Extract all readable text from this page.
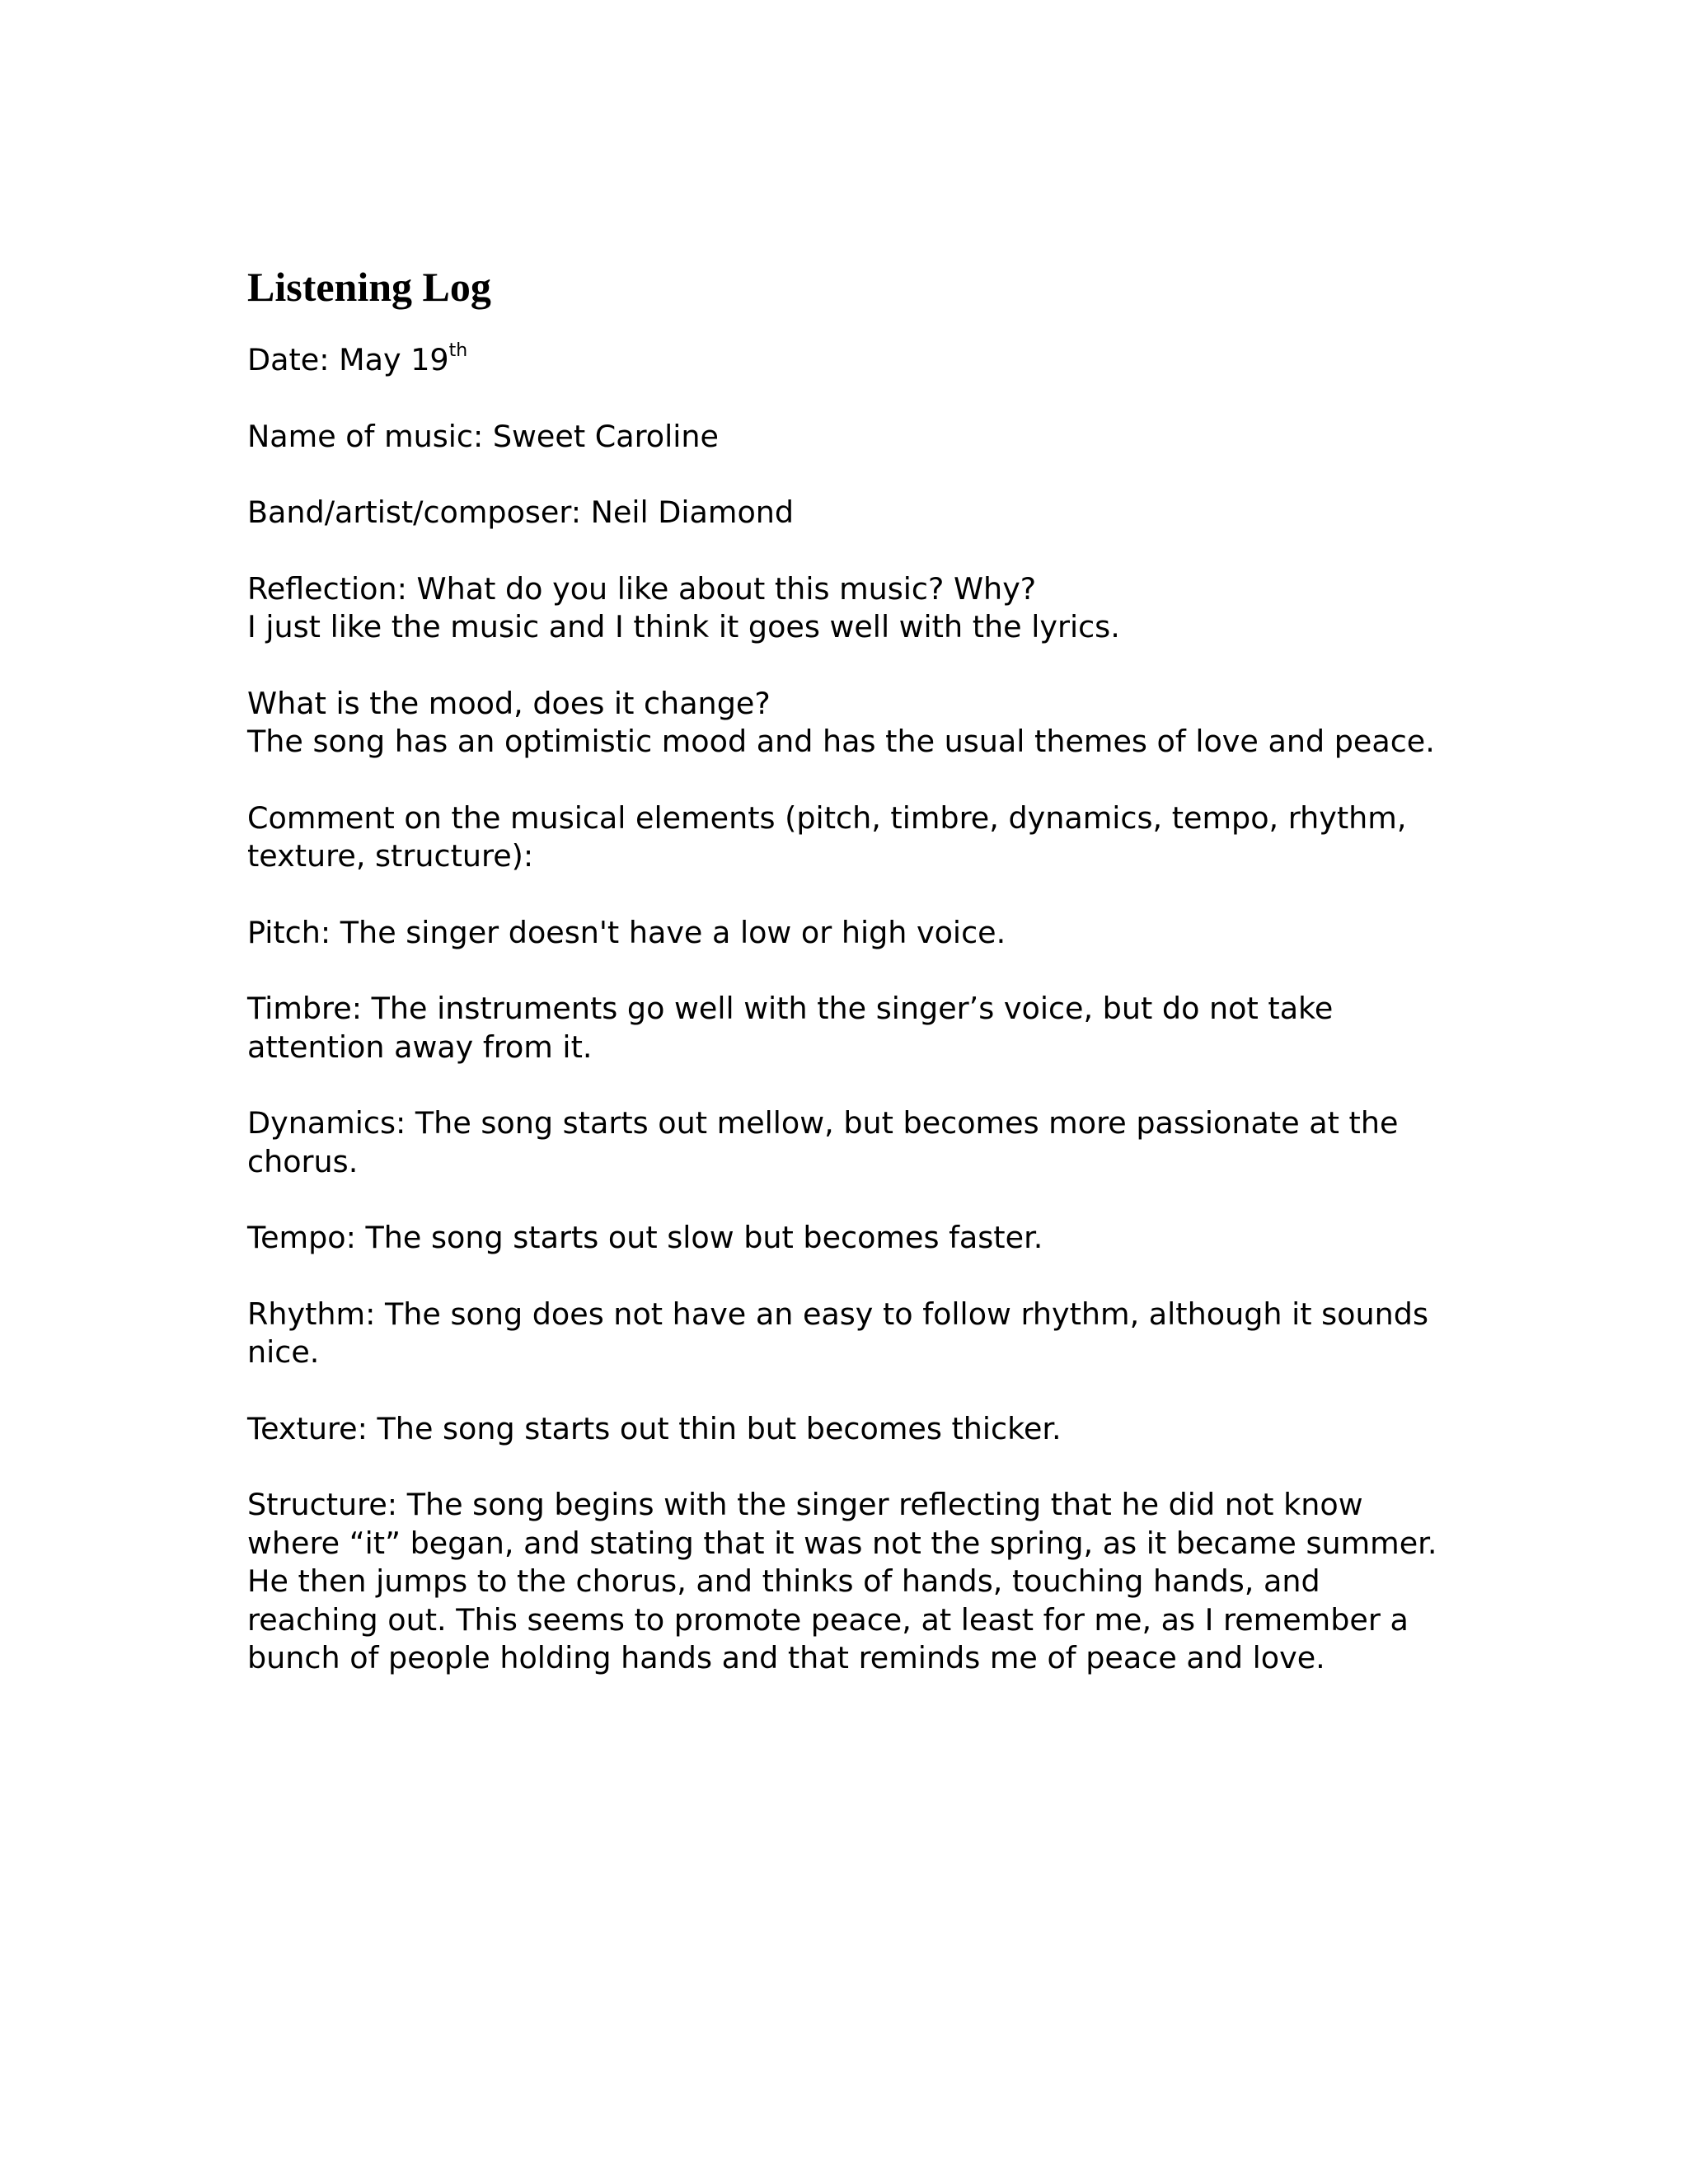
Listening Log

Date: May 19th

Name of music: Sweet Caroline

Band/artist/composer: Neil Diamond

Reflection: What do you like about this music? Why?
I just like the music and I think it goes well with the lyrics.

What is the mood, does it change?
The song has an optimistic mood and has the usual themes of love and peace.

Comment on the musical elements (pitch, timbre, dynamics, tempo, rhythm,
texture, structure):

Pitch: The singer doesn't have a low or high voice.

Timbre: The instruments go well with the singer’s voice, but do not take
attention away from it.

Dynamics: The song starts out mellow, but becomes more passionate at the
chorus.

Tempo: The song starts out slow but becomes faster.

Rhythm: The song does not have an easy to follow rhythm, although it sounds
nice.

Texture: The song starts out thin but becomes thicker.

Structure: The song begins with the singer reflecting that he did not know
where “it” began, and stating that it was not the spring, as it became summer.
He then jumps to the chorus, and thinks of hands, touching hands, and
reaching out. This seems to promote peace, at least for me, as I remember a
bunch of people holding hands and that reminds me of peace and love.
